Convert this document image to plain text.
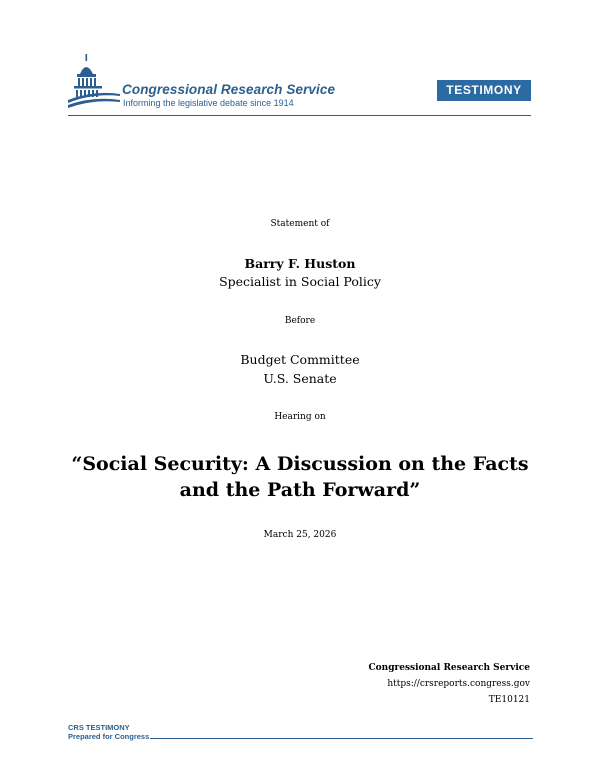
Congressional Research Service
Informing the legislative debate since 1914
TESTIMONY
Statement of
Barry F. Huston
Specialist in Social Policy
Before
Budget Committee
U.S. Senate
Hearing on
“Social Security: A Discussion on the Facts
and the Path Forward”
March 25, 2026
Congressional Research Service
https://crsreports.congress.gov
TE10121
CRS TESTIMONY
Prepared for Congress
